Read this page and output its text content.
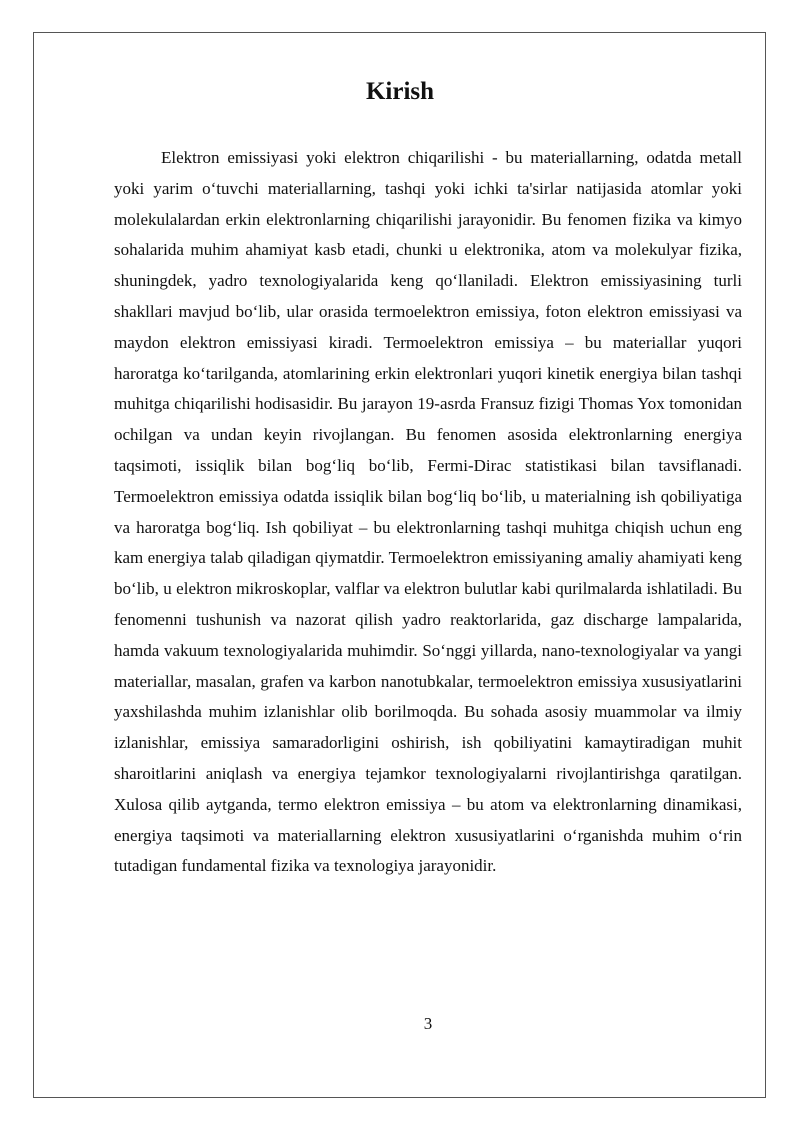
Kirish

Elektron emissiyasi yoki elektron chiqarilishi - bu materiallarning, odatda metall yoki yarim o‘tuvchi materiallarning, tashqi yoki ichki ta'sirlar natijasida atomlar yoki molekulalardan erkin elektronlarning chiqarilishi jarayonidir. Bu fenomen fizika va kimyo sohalarida muhim ahamiyat kasb etadi, chunki u elektronika, atom va molekulyar fizika, shuningdek, yadro texnologiyalarida keng qo‘llaniladi. Elektron emissiyasining turli shakllari mavjud bo‘lib, ular orasida termoelektron emissiya, foton elektron emissiyasi va maydon elektron emissiyasi kiradi. Termoelektron emissiya – bu materiallar yuqori haroratga ko‘tarilganda, atomlarining erkin elektronlari yuqori kinetik energiya bilan tashqi muhitga chiqarilishi hodisasidir. Bu jarayon 19-asrda Fransuz fizigi Thomas Yox tomonidan ochilgan va undan keyin rivojlangan. Bu fenomen asosida elektronlarning energiya taqsimoti, issiqlik bilan bog‘liq bo‘lib, Fermi-Dirac statistikasi bilan tavsiflanadi. Termoelektron emissiya odatda issiqlik bilan bog‘liq bo‘lib, u materialning ish qobiliyatiga va haroratga bog‘liq. Ish qobiliyat – bu elektronlarning tashqi muhitga chiqish uchun eng kam energiya talab qiladigan qiymatdir. Termoelektron emissiyaning amaliy ahamiyati keng bo‘lib, u elektron mikroskoplar, valflar va elektron bulutlar kabi qurilmalarda ishlatiladi. Bu fenomenni tushunish va nazorat qilish yadro reaktorlarida, gaz discharge lampalarida, hamda vakuum texnologiyalarida muhimdir. So‘nggi yillarda, nano-texnologiyalar va yangi materiallar, masalan, grafen va karbon nanotubkalar, termoelektron emissiya xususiyatlarini yaxshilashda muhim izlanishlar olib borilmoqda. Bu sohada asosiy muammolar va ilmiy izlanishlar, emissiya samaradorligini oshirish, ish qobiliyatini kamaytiradigan muhit sharoitlarini aniqlash va energiya tejamkor texnologiyalarni rivojlantirishga qaratilgan. Xulosa qilib aytganda, termo elektron emissiya – bu atom va elektronlarning dinamikasi, energiya taqsimoti va materiallarning elektron xususiyatlarini o‘rganishda muhim o‘rin tutadigan fundamental fizika va texnologiya jarayonidir.

3
